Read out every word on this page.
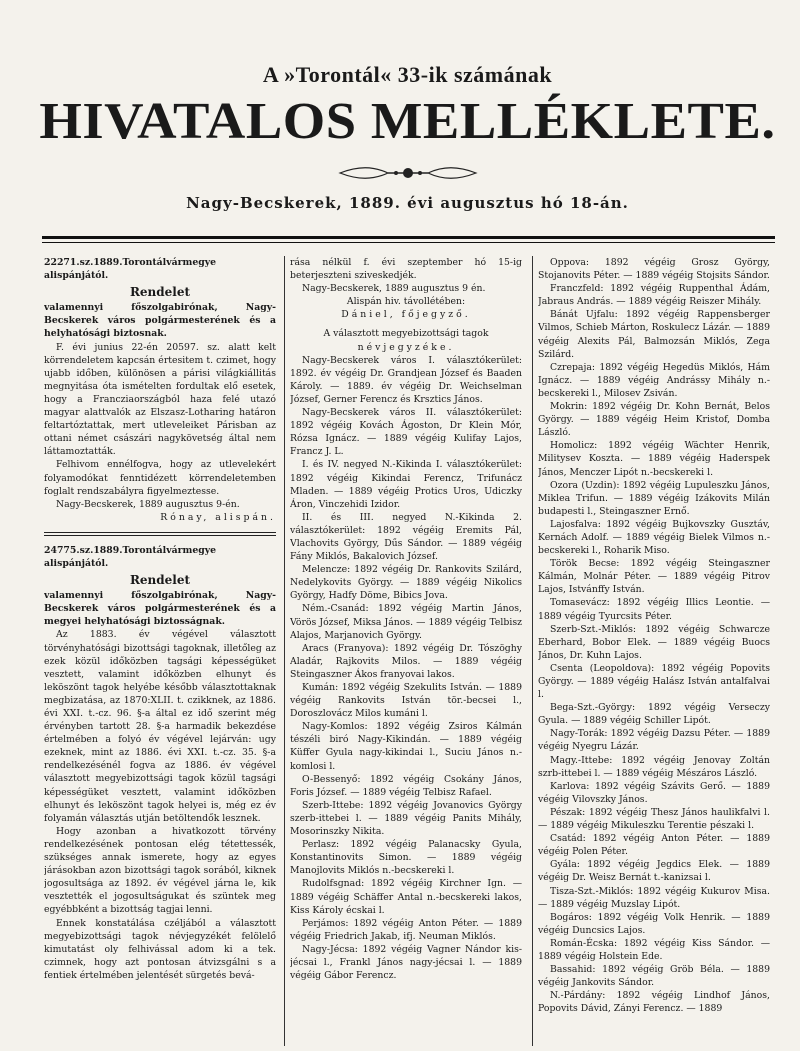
A »Torontál« 33-ik számának
HIVATALOS MELLÉKLETE.
Nagy-Becskerek, 1889. évi augusztus hó 18-án.

22271.sz.1889.Torontálvármegye alispánjától.

Rendelet

valamennyi főszolgabirónak, Nagy-Becskerek város polgármesterének és a helyhatósági biztosnak.

F. évi junius 22-én 20597. sz. alatt kelt körrendeletem kapcsán értesitem t. czimet, hogy ujabb időben, különösen a párisi világkiállitás megnyitása óta ismételten fordultak elő esetek, hogy a Francziaországból haza felé utazó magyar alattvalók az Elszasz-Lotharing határon feltartóztattak, mert utleveleiket Párisban az ottani német császári nagykövetség által nem láttamoztatták.

Felhivom ennélfogva, hogy az utlevelekért folyamodókat fenntidézett körrendeletemben foglalt rendszabályra figyelmeztesse.

Nagy-Becskerek, 1889 augusztus 9-én.

Rónay, alispán.

24775.sz.1889.Torontálvármegye alispánjától.

Rendelet

valamennyi főszolgabirónak, Nagy-Becskerek város polgármesterének és a megyei helyhatósági biztosságnak.

Az 1883. év végével választott törvényhatósági bizottsági tagoknak, illetőleg az ezek közül időközben tagsági képességüket vesztett, valamint időközben elhunyt és leköszönt tagok helyébe később választottaknak megbizatása, az 1870:XLII. t. czikknek, az 1886. évi XXI. t.-cz. 96. §-a által ez idő szerint még érvényben tartott 28. §-a harmadik bekezdése értelmében a folyó év végével lejárván: ugy ezeknek, mint az 1886. évi XXI. t.-cz. 35. §-a rendelkezésénél fogva az 1886. év végével választott megyebizottsági tagok közül tagsági képességüket vesztett, valamint időközben elhunyt és leköszönt tagok helyei is, még ez év folyamán választás utján betöltendők lesznek.

Hogy azonban a hivatkozott törvény rendelkezésének pontosan elég tétettessék, szükséges annak ismerete, hogy az egyes járásokban azon bizottsági tagok sorából, kiknek jogosultsága az 1892. év végével járna le, kik vesztették el jogosultságukat és szüntek meg egyébbként a bizottság tagjai lenni.

Ennek konstatálása czéljából a választott megyebizottsági tagok névjegyzékét felölelő kimutatást oly felhivással adom ki a tek. czimnek, hogy azt pontosan átvizsgálni s a fentiek értelmében jelentését sürgetés bevá-

rása nélkül f. évi szeptember hó 15-ig beterjeszteni sziveskedjék.

Nagy-Becskerek, 1889 augusztus 9 én.

Alispán hiv. távollétében:

Dániel, főjegyző.

A választott megyebizottsági tagok

névjegyzéke.

Nagy-Becskerek város I. választókerület: 1892. év végéig Dr. Grandjean József és Baaden Károly. — 1889. év végéig Dr. Weichselman József, Gerner Ferencz és Krsztics János.

Nagy-Becskerek város II. választókerület: 1892 végéig Kovách Ágoston, Dr Klein Mór, Rózsa Ignácz. — 1889 végéig Kulifay Lajos, Francz J. L.

I. és IV. negyed N.-Kikinda I. választókerület: 1892 végéig Kikindai Ferencz, Trifunácz Mladen. — 1889 végéig Protics Uros, Udiczky Áron, Vinczehidi Izidor.

II. és III. negyed N.-Kikinda 2. választókerület: 1892 végéig Eremits Pál, Vlachovits György, Dűs Sándor. — 1889 végéig Fány Miklós, Bakalovich József.

Melencze: 1892 végéig Dr. Rankovits Szilárd, Nedelykovits György. — 1889 végéig Nikolics György, Hadfy Döme, Bibics Jova.

Ném.-Csanád: 1892 végéig Martin János, Vörös József, Miksa János. — 1889 végéig Telbisz Alajos, Marjanovich György.

Aracs (Franyova): 1892 végéig Dr. Tószöghy Aladár, Rajkovits Milos. — 1889 végéig Steingaszner Ákos franyovai lakos.

Kumán: 1892 végéig Szekulits István. — 1889 végéig Rankovits István tör.-becsei l., Doroszlovácz Milos kumáni l.

Nagy-Komlos: 1892 végéig Zsiros Kálmán tészéli biró Nagy-Kikindán. — 1889 végéig Küffer Gyula nagy-kikindai l., Suciu János n.-komlosi l.

O-Bessenyő: 1892 végéig Csokány János, Foris József. — 1889 végéig Telbisz Rafael.

Szerb-Ittebe: 1892 végéig Jovanovics György szerb-ittebei l. — 1889 végéig Panits Mihály, Mosorinszky Nikita.

Perlasz: 1892 végéig Palanacsky Gyula, Konstantinovits Simon. — 1889 végéig Manojlovits Miklós n.-becskereki l.

Rudolfsgnad: 1892 végéig Kirchner Ign. — 1889 végéig Schäffer Antal n.-becskereki lakos, Kiss Károly écskai l.

Perjámos: 1892 végéig Anton Péter. — 1889 végéig Friedrich Jakab, ifj. Neuman Miklós.

Nagy-Jécsa: 1892 végéig Vagner Nándor kis-jécsai l., Frankl János nagy-jécsai l. — 1889 végéig Gábor Ferencz.

Oppova: 1892 végéig Grosz György, Stojanovits Péter. — 1889 végéig Stojsits Sándor.

Franczfeld: 1892 végéig Ruppenthal Ádám, Jabraus András. — 1889 végéig Reiszer Mihály.

Bánát Ujfalu: 1892 végéig Rappensberger Vilmos, Schieb Márton, Roskulecz Lázár. — 1889 végéig Alexits Pál, Balmozsán Miklós, Zega Szilárd.

Czrepaja: 1892 végéig Hegedüs Miklós, Hám Ignácz. — 1889 végéig Andrássy Mihály n.-becskereki l., Milosev Zsiván.

Mokrin: 1892 végéig Dr. Kohn Bernát, Belos György. — 1889 végéig Heim Kristof, Domba László.

Homolicz: 1892 végéig Wächter Henrik, Militysev Koszta. — 1889 végéig Haderspek János, Menczer Lipót n.-becskereki l.

Ozora (Uzdin): 1892 végéig Lupuleszku János, Miklea Trifun. — 1889 végéig Izákovits Milán budapesti l., Steingaszner Ernő.

Lajosfalva: 1892 végéig Bujkovszky Gusztáv, Kernách Adolf. — 1889 végéig Bielek Vilmos n.-becskereki l., Roharik Miso.

Török Becse: 1892 végéig Steingaszner Kálmán, Molnár Péter. — 1889 végéig Pitrov Lajos, Istvánffy István.

Tomasevácz: 1892 végéig Illics Leontie. — 1889 végéig Tyurcsits Péter.

Szerb-Szt.-Miklós: 1892 végéig Schwarcze Eberhard, Bobor Elek. — 1889 végéig Buocs János, Dr. Kuhn Lajos.

Csenta (Leopoldova): 1892 végéig Popovits György. — 1889 végéig Halász István antalfalvai l.

Bega-Szt.-György: 1892 végéig Verseczy Gyula. — 1889 végéig Schiller Lipót.

Nagy-Torák: 1892 végéig Dazsu Péter. — 1889 végéig Nyegru Lázár.

Magy.-Ittebe: 1892 végéig Jenovay Zoltán szrb-ittebei l. — 1889 végéig Mészáros László.

Karlova: 1892 végéig Szávits Gerő. — 1889 végéig Vilovszky János.

Pészak: 1892 végéig Thesz János haulikfalvi l. — 1889 végéig Mikuleszku Terentie pészaki l.

Csatád: 1892 végéig Anton Péter. — 1889 végéig Polen Péter.

Gyála: 1892 végéig Jegdics Elek. — 1889 végéig Dr. Weisz Bernát t.-kanizsai l.

Tisza-Szt.-Miklós: 1892 végéig Kukurov Misa. — 1889 végéig Muzslay Lipót.

Bogáros: 1892 végéig Volk Henrik. — 1889 végéig Duncsics Lajos.

Román-Écska: 1892 végéig Kiss Sándor. — 1889 végéig Holstein Ede.

Bassahid: 1892 végéig Gröb Béla. — 1889 végéig Jankovits Sándor.

N.-Párdány: 1892 végéig Lindhof János, Popovits Dávid, Zányi Ferencz. — 1889
